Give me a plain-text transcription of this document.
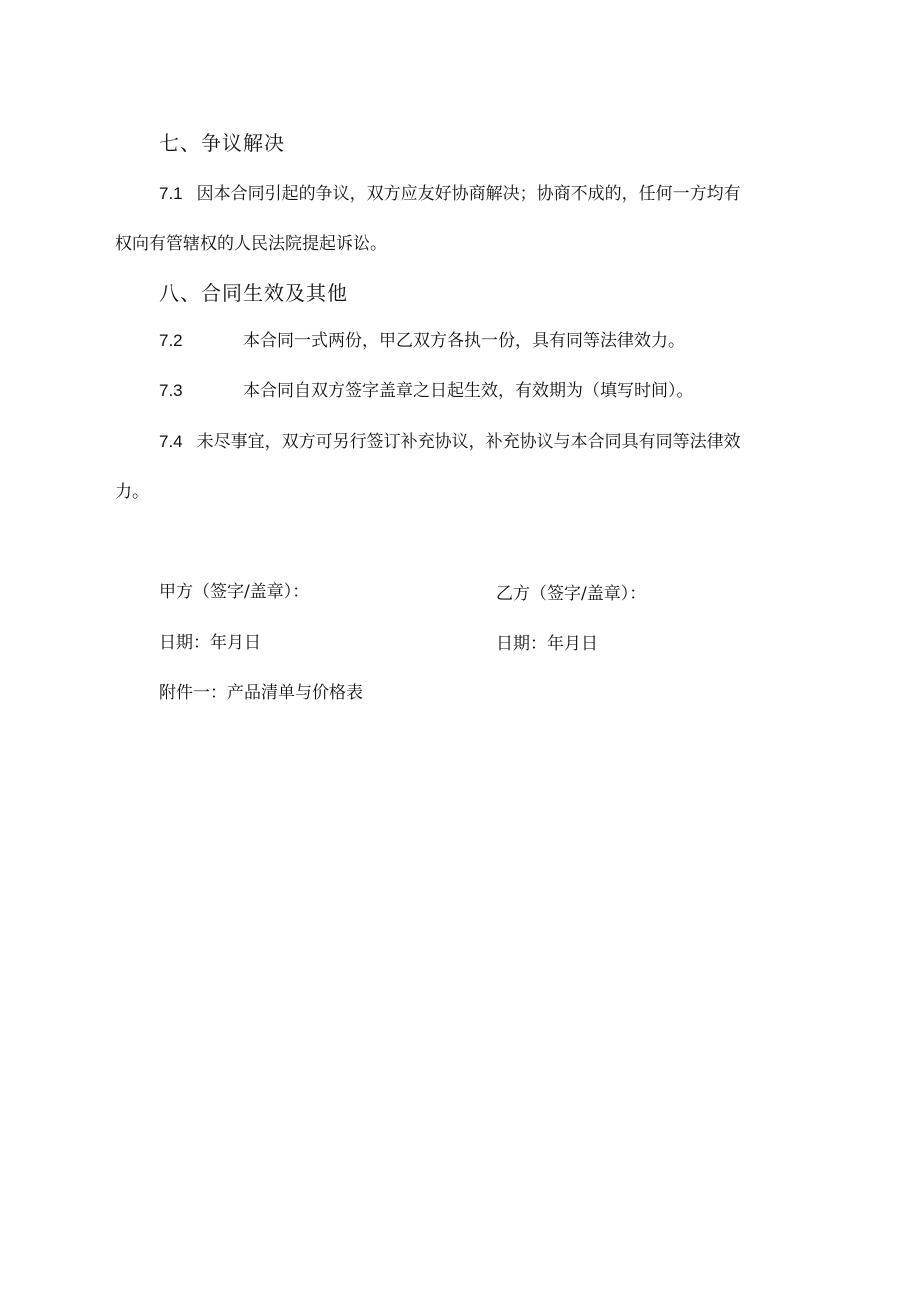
七、争议解决
7.1 因本合同引起的争议，双方应友好协商解决；协商不成的，任何一方均有
权向有管辖权的人民法院提起诉讼。
八、合同生效及其他
7.2	本合同一式两份，甲乙双方各执一份，具有同等法律效力。
7.3	本合同自双方签字盖章之日起生效，有效期为（填写时间）。
7.4 未尽事宜，双方可另行签订补充协议，补充协议与本合同具有同等法律效
力。
甲方（签字/盖章）：	乙方（签字/盖章）：
日期：年月日	日期：年月日
附件一：产品清单与价格表
